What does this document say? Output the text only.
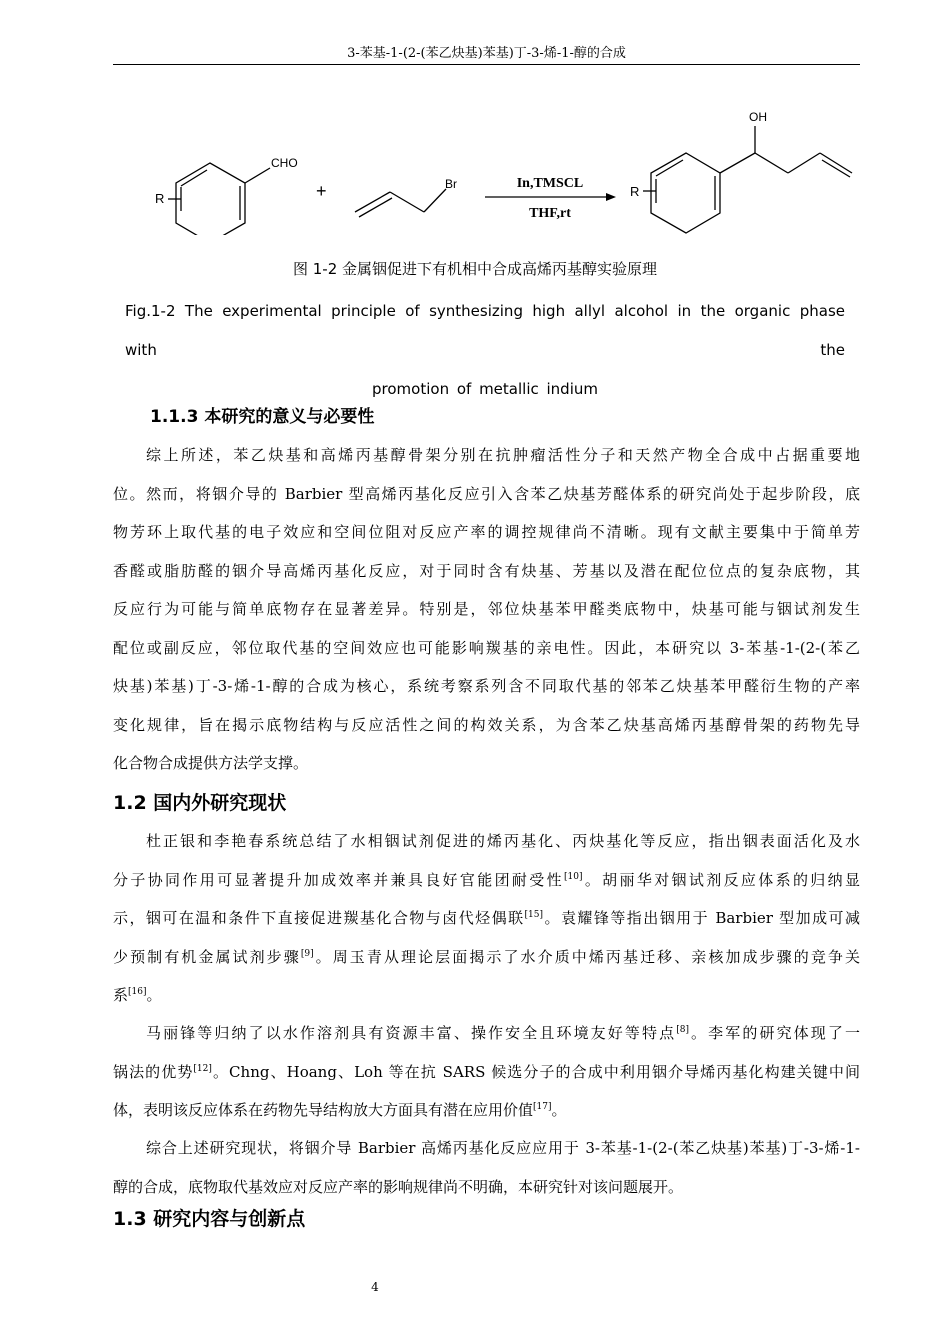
3-苯基-1-(2-(苯乙炔基)苯基)丁-3-烯-1-醇的合成
CHO
R	+	Br	In,TMSCL
THF,rt
OH
R
图 1-2 金属铟促进下有机相中合成高烯丙基醇实验原理
Fig.1-2 The experimental principle of synthesizing high allyl alcohol in the organic phase with the
promotion of metallic indium
1.1.3 本研究的意义与必要性
综上所述，苯乙炔基和高烯丙基醇骨架分别在抗肿瘤活性分子和天然产物全合成中占据重要地
位。然而，将铟介导的 Barbier 型高烯丙基化反应引入含苯乙炔基芳醛体系的研究尚处于起步阶段，底
物芳环上取代基的电子效应和空间位阻对反应产率的调控规律尚不清晰。现有文献主要集中于简单芳
香醛或脂肪醛的铟介导高烯丙基化反应，对于同时含有炔基、芳基以及潜在配位位点的复杂底物，其
反应行为可能与简单底物存在显著差异。特别是，邻位炔基苯甲醛类底物中，炔基可能与铟试剂发生
配位或副反应，邻位取代基的空间效应也可能影响羰基的亲电性。因此，本研究以 3-苯基-1-(2-(苯乙
炔基)苯基)丁-3-烯-1-醇的合成为核心，系统考察系列含不同取代基的邻苯乙炔基苯甲醛衍生物的产率
变化规律，旨在揭示底物结构与反应活性之间的构效关系，为含苯乙炔基高烯丙基醇骨架的药物先导
化合物合成提供方法学支撑。
1.2 国内外研究现状
杜正银和李艳春系统总结了水相铟试剂促进的烯丙基化、丙炔基化等反应，指出铟表面活化及水
分子协同作用可显著提升加成效率并兼具良好官能团耐受性[10]。胡丽华对铟试剂反应体系的归纳显
示，铟可在温和条件下直接促进羰基化合物与卤代烃偶联[15]。袁耀锋等指出铟用于 Barbier 型加成可减
少预制有机金属试剂步骤[9]。周玉青从理论层面揭示了水介质中烯丙基迁移、亲核加成步骤的竞争关
系[16]。
马丽锋等归纳了以水作溶剂具有资源丰富、操作安全且环境友好等特点[8]。李军的研究体现了一
锅法的优势[12]。Chng、Hoang、Loh 等在抗 SARS 候选分子的合成中利用铟介导烯丙基化构建关键中间
体，表明该反应体系在药物先导结构放大方面具有潜在应用价值[17]。
综合上述研究现状，将铟介导 Barbier 高烯丙基化反应应用于 3-苯基-1-(2-(苯乙炔基)苯基)丁-3-烯-1-
醇的合成，底物取代基效应对反应产率的影响规律尚不明确，本研究针对该问题展开。
1.3 研究内容与创新点
4
